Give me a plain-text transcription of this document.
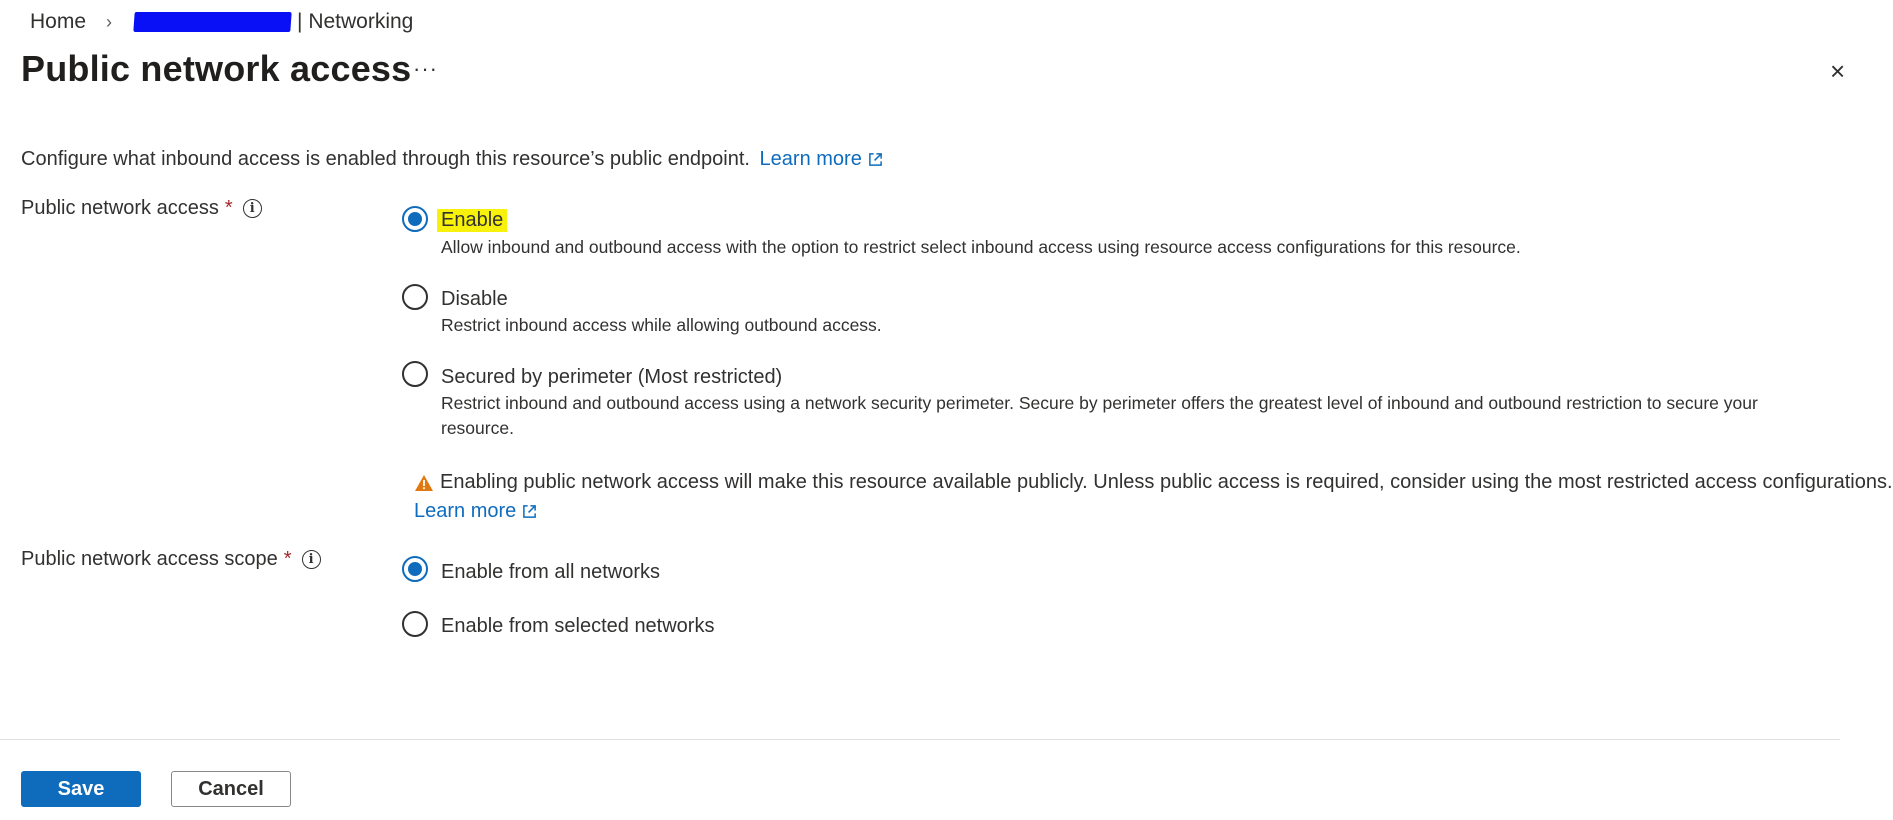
Home ›	| Networking
Public network access ···	×
Configure what inbound access is enabled through this resource’s public endpoint. Learn more
Public network access *	i
Enable
Allow inbound and outbound access with the option to restrict select inbound access using resource access configurations for this resource.
Disable
Restrict inbound access while allowing outbound access.
Secured by perimeter (Most restricted)
Restrict inbound and outbound access using a network security perimeter. Secure by perimeter offers the greatest level of inbound and outbound restriction to secure your resource.
Enabling public network access will make this resource available publicly. Unless public access is required, consider using the most restricted access configurations.
Learn more
Public network access scope *	i
Enable from all networks
Enable from selected networks
Save	Cancel
